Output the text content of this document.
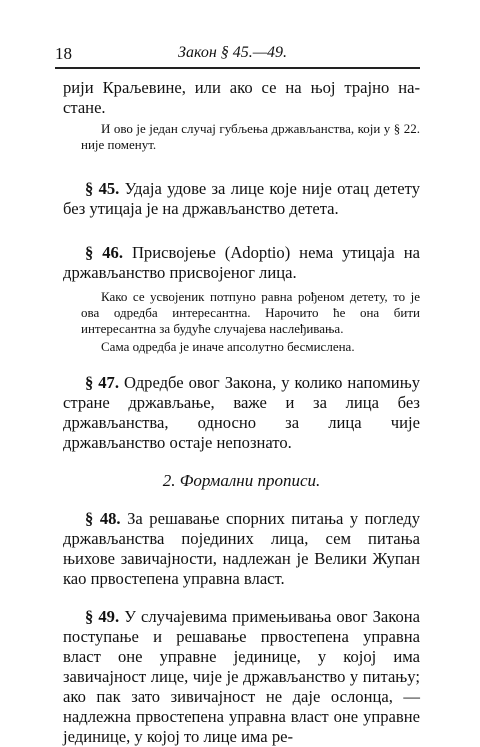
18	Закон § 45.—49.

рији Краљевине, или ако се на њој трајно на-стане.

И ово је један случај губљења држављанства, који у § 22. није поменут.

§ 45. Удаја удове за лице које није отац детету без утицаја је на држављанство детета.

§ 46. Присвојење (Adoptio) нема утицаја на држављанство присвојеног лица.

Како се усвојеник потпуно равна рођеном детету, то је ова одредба интересантна. Нарочито ће она бити интересантна за будуће случајева наслеђивања.

Сама одредба је иначе апсолутно бесмислена.

§ 47. Одредбе овог Закона, у колико напомињу стране држављање, важе и за лица без држављанства, односно за лица чије држављанство остаје непознато.

2. Формални прописи.

§ 48. За решавање спорних питања у погледу држављанства појединих лица, сем питања њихове завичајности, надлежан је Велики Жупан као првостепена управна власт.

§ 49. У случајевима примењивања овог Закона поступање и решавање првостепена управна власт оне управне јединице, у којој има завичајност лице, чије је држављанство у питању; ако пак зато зивичајност не даје ослонца, — надлежна првостепена управна власт оне управне јединице, у којој то лице има ре-
